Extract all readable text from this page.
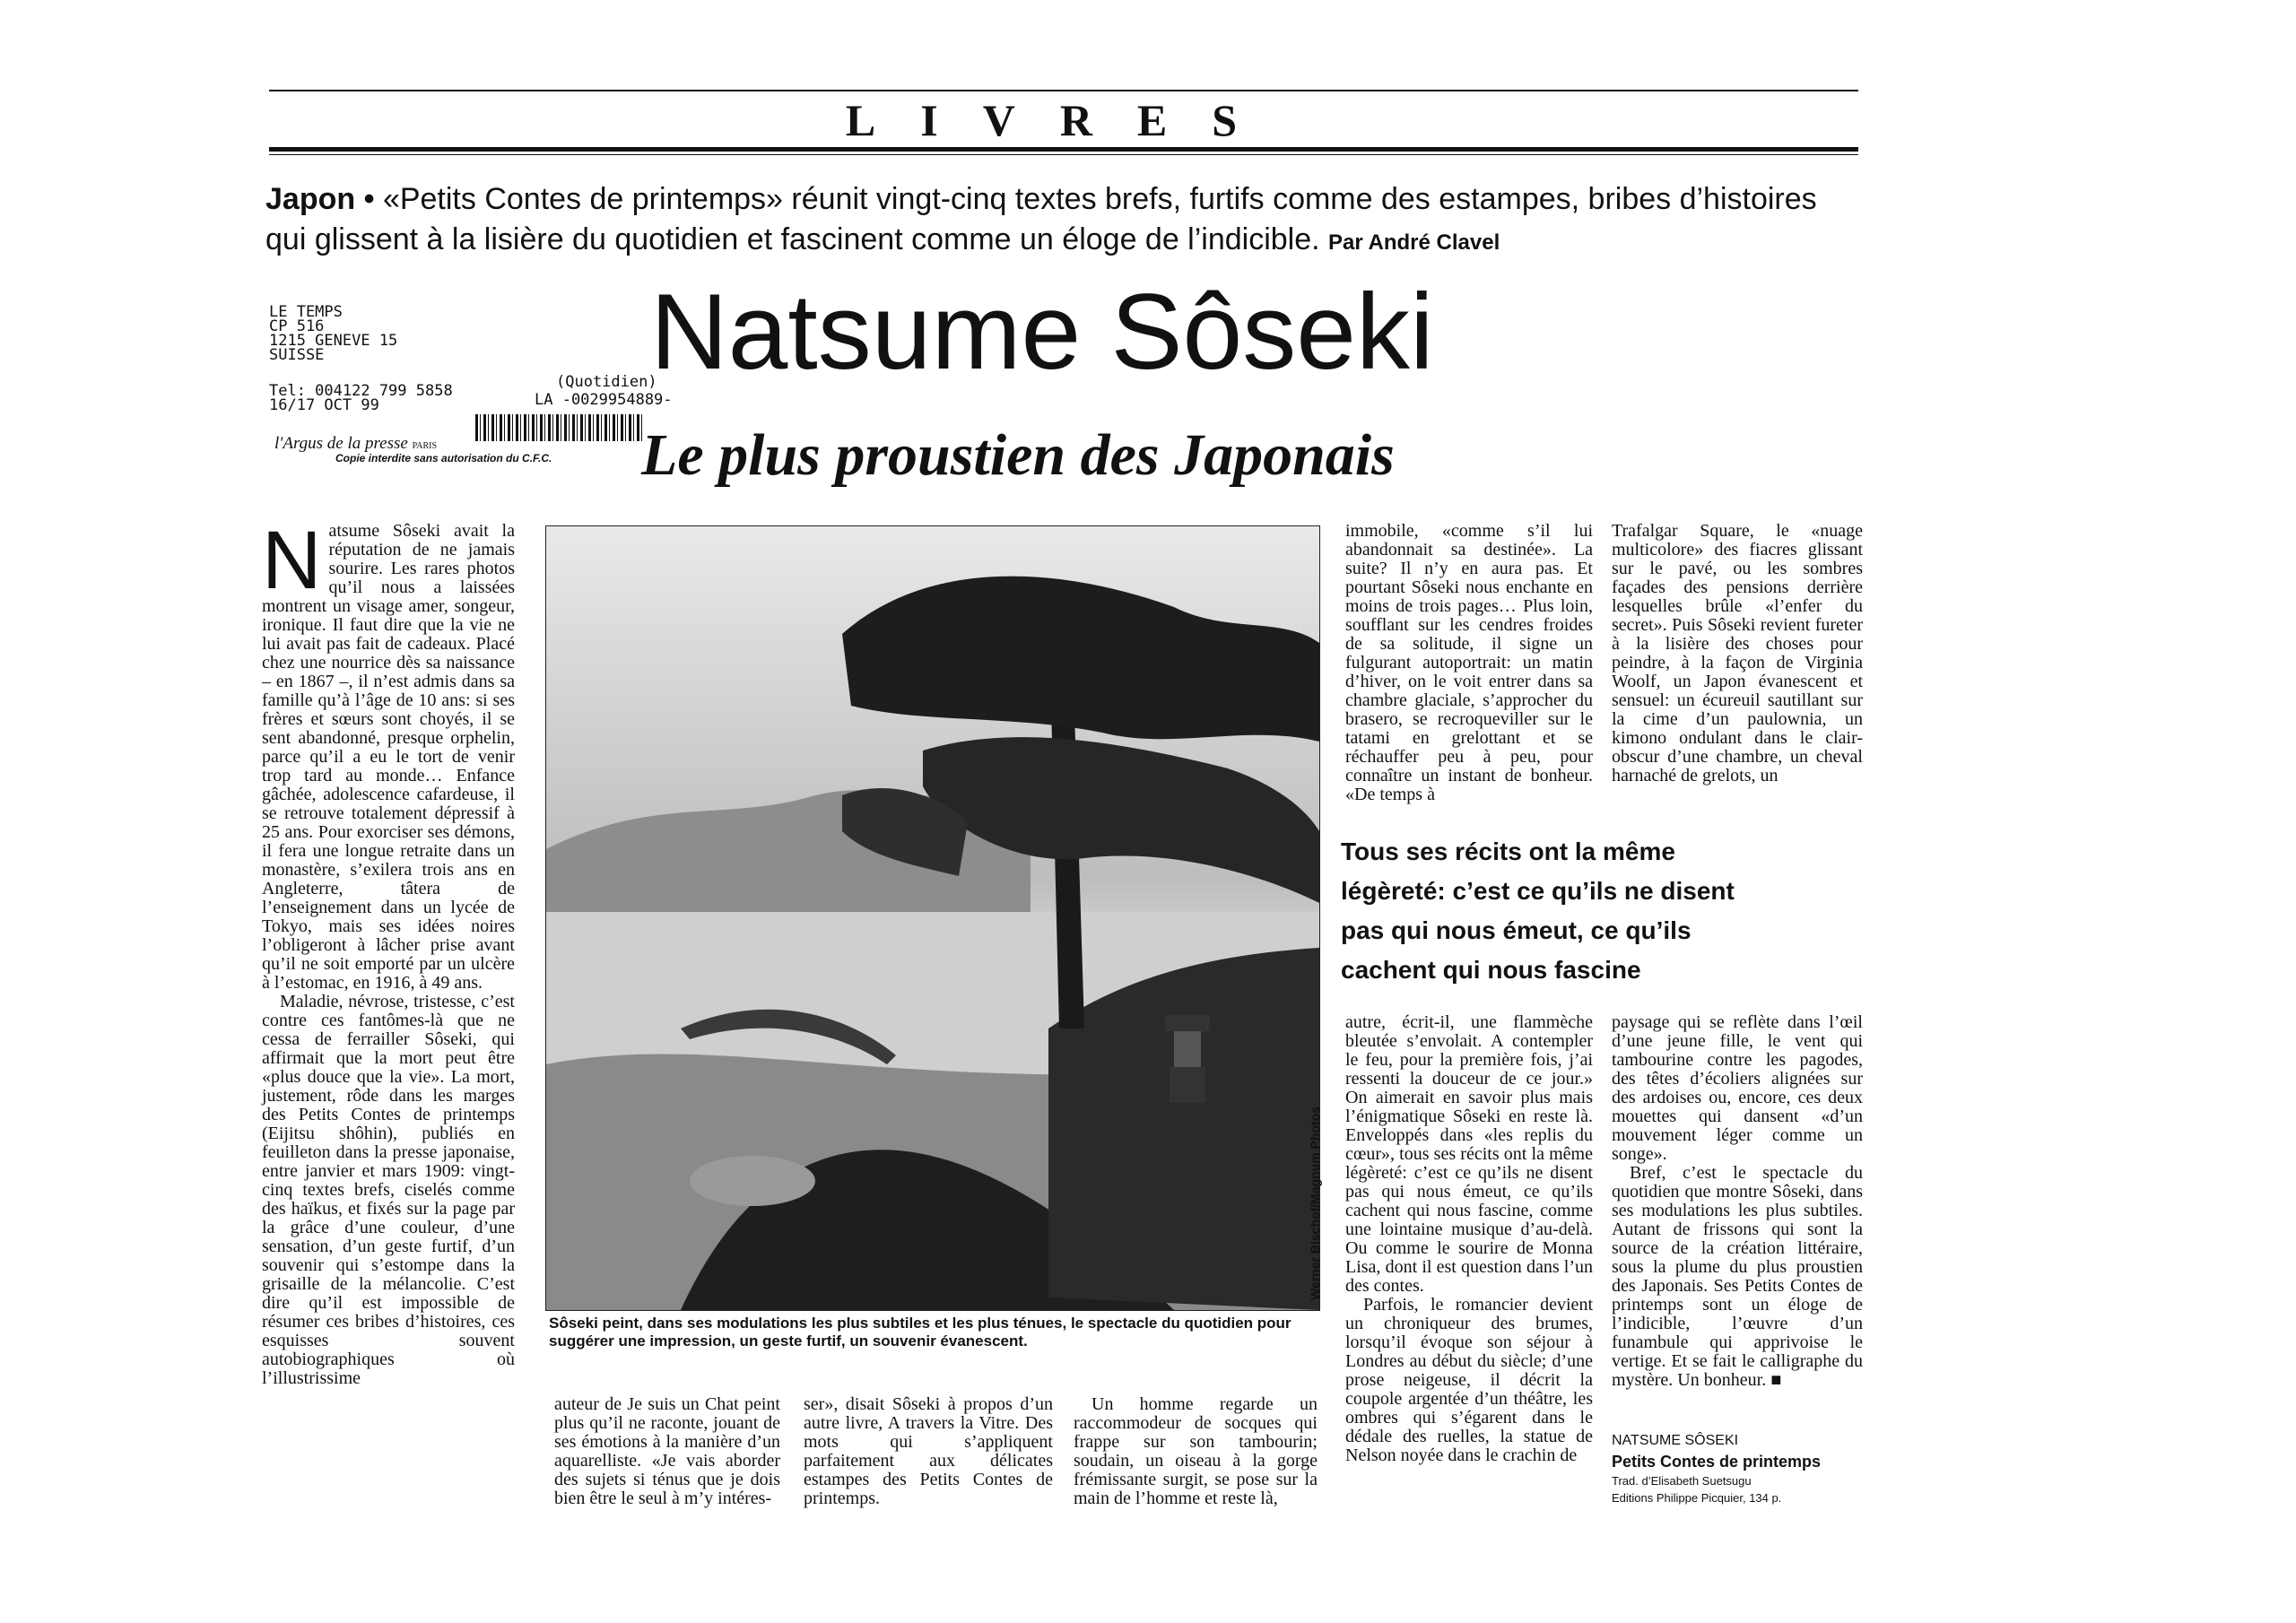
LIVRES
Japon • «Petits Contes de printemps» réunit vingt-cinq textes brefs, furtifs comme des estampes, bribes d’histoires qui glissent à la lisière du quotidien et fascinent comme un éloge de l’indicible. Par André Clavel
LE TEMPS
CP 516
1215 GENEVE 15
SUISSE
Tel: 004122 799 5858
16/17 OCT 99
(Quotidien)
LA -0029954889-
l'Argus de la presse PARIS
Copie interdite sans autorisation du C.F.C.
Natsume Sôseki
Le plus proustien des Japonais

Natsume Sôseki avait la réputation de ne jamais sourire. Les rares photos qu’il nous a laissées montrent un visage amer, songeur, ironique. Il faut dire que la vie ne lui avait pas fait de cadeaux. Placé chez une nourrice dès sa naissance – en 1867 –, il n’est admis dans sa famille qu’à l’âge de 10 ans: si ses frères et sœurs sont choyés, il se sent abandonné, presque orphelin, parce qu’il a eu le tort de venir trop tard au monde… Enfance gâchée, adolescence cafardeuse, il se retrouve totalement dépressif à 25 ans. Pour exorciser ses démons, il fera une longue retraite dans un monastère, s’exilera trois ans en Angleterre, tâtera de l’enseignement dans un lycée de Tokyo, mais ses idées noires l’obligeront à lâcher prise avant qu’il ne soit emporté par un ulcère à l’estomac, en 1916, à 49 ans.

Maladie, névrose, tristesse, c’est contre ces fantômes-là que ne cessa de ferrailler Sôseki, qui affirmait que la mort peut être «plus douce que la vie». La mort, justement, rôde dans les marges des Petits Contes de printemps (Eijitsu shôhin), publiés en feuilleton dans la presse japonaise, entre janvier et mars 1909: vingt-cinq textes brefs, ciselés comme des haïkus, et fixés sur la page par la grâce d’une couleur, d’une sensation, d’un geste furtif, d’un souvenir qui s’estompe dans la grisaille de la mélancolie. C’est dire qu’il est impossible de résumer ces bribes d’histoires, ces esquisses souvent autobiographiques où l’illustrissime

Werner Bischof/Magnum Photos
Sôseki peint, dans ses modulations les plus subtiles et les plus ténues, le spectacle du quotidien pour suggérer une impression, un geste furtif, un souvenir évanescent.

auteur de Je suis un Chat peint plus qu’il ne raconte, jouant de ses émotions à la manière d’un aquarelliste. «Je vais aborder des sujets si ténus que je dois bien être le seul à m’y intéres-

ser», disait Sôseki à propos d’un autre livre, A travers la Vitre. Des mots qui s’appliquent parfaitement aux délicates estampes des Petits Contes de printemps.

Un homme regarde un raccommodeur de socques qui frappe sur son tambourin; soudain, un oiseau à la gorge frémissante surgit, se pose sur la main de l’homme et reste là,

immobile, «comme s’il lui abandonnait sa destinée». La suite? Il n’y en aura pas. Et pourtant Sôseki nous enchante en moins de trois pages… Plus loin, soufflant sur les cendres froides de sa solitude, il signe un fulgurant autoportrait: un matin d’hiver, on le voit entrer dans sa chambre glaciale, s’approcher du brasero, se recroqueviller sur le tatami en grelottant et se réchauffer peu à peu, pour connaître un instant de bonheur. «De temps à

Trafalgar Square, le «nuage multicolore» des fiacres glissant sur le pavé, ou les sombres façades des pensions derrière lesquelles brûle «l’enfer du secret». Puis Sôseki revient fureter à la lisière des choses pour peindre, à la façon de Virginia Woolf, un Japon évanescent et sensuel: un écureuil sautillant sur la cime d’un paulownia, un kimono ondulant dans le clair-obscur d’une chambre, un cheval harnaché de grelots, un

Tous ses récits ont la même légèreté: c’est ce qu’ils ne disent pas qui nous émeut, ce qu’ils cachent qui nous fascine

autre, écrit-il, une flammèche bleutée s’envolait. A contempler le feu, pour la première fois, j’ai ressenti la douceur de ce jour.» On aimerait en savoir plus mais l’énigmatique Sôseki en reste là. Enveloppés dans «les replis du cœur», tous ses récits ont la même légèreté: c’est ce qu’ils ne disent pas qui nous émeut, ce qu’ils cachent qui nous fascine, comme une lointaine musique d’au-delà. Ou comme le sourire de Monna Lisa, dont il est question dans l’un des contes.

Parfois, le romancier devient un chroniqueur des brumes, lorsqu’il évoque son séjour à Londres au début du siècle; d’une prose neigeuse, il décrit la coupole argentée d’un théâtre, les ombres qui s’égarent dans le dédale des ruelles, la statue de Nelson noyée dans le crachin de

paysage qui se reflète dans l’œil d’une jeune fille, le vent qui tambourine contre les pagodes, des têtes d’écoliers alignées sur des ardoises ou, encore, ces deux mouettes qui dansent «d’un mouvement léger comme un songe».

Bref, c’est le spectacle du quotidien que montre Sôseki, dans ses modulations les plus subtiles. Autant de frissons qui sont la source de la création littéraire, sous la plume du plus proustien des Japonais. Ses Petits Contes de printemps sont un éloge de l’indicible, l’œuvre d’un funambule qui apprivoise le vertige. Et se fait le calligraphe du mystère. Un bonheur. ■

NATSUME SÔSEKI
Petits Contes de printemps
Trad. d’Elisabeth Suetsugu
Editions Philippe Picquier, 134 p.
